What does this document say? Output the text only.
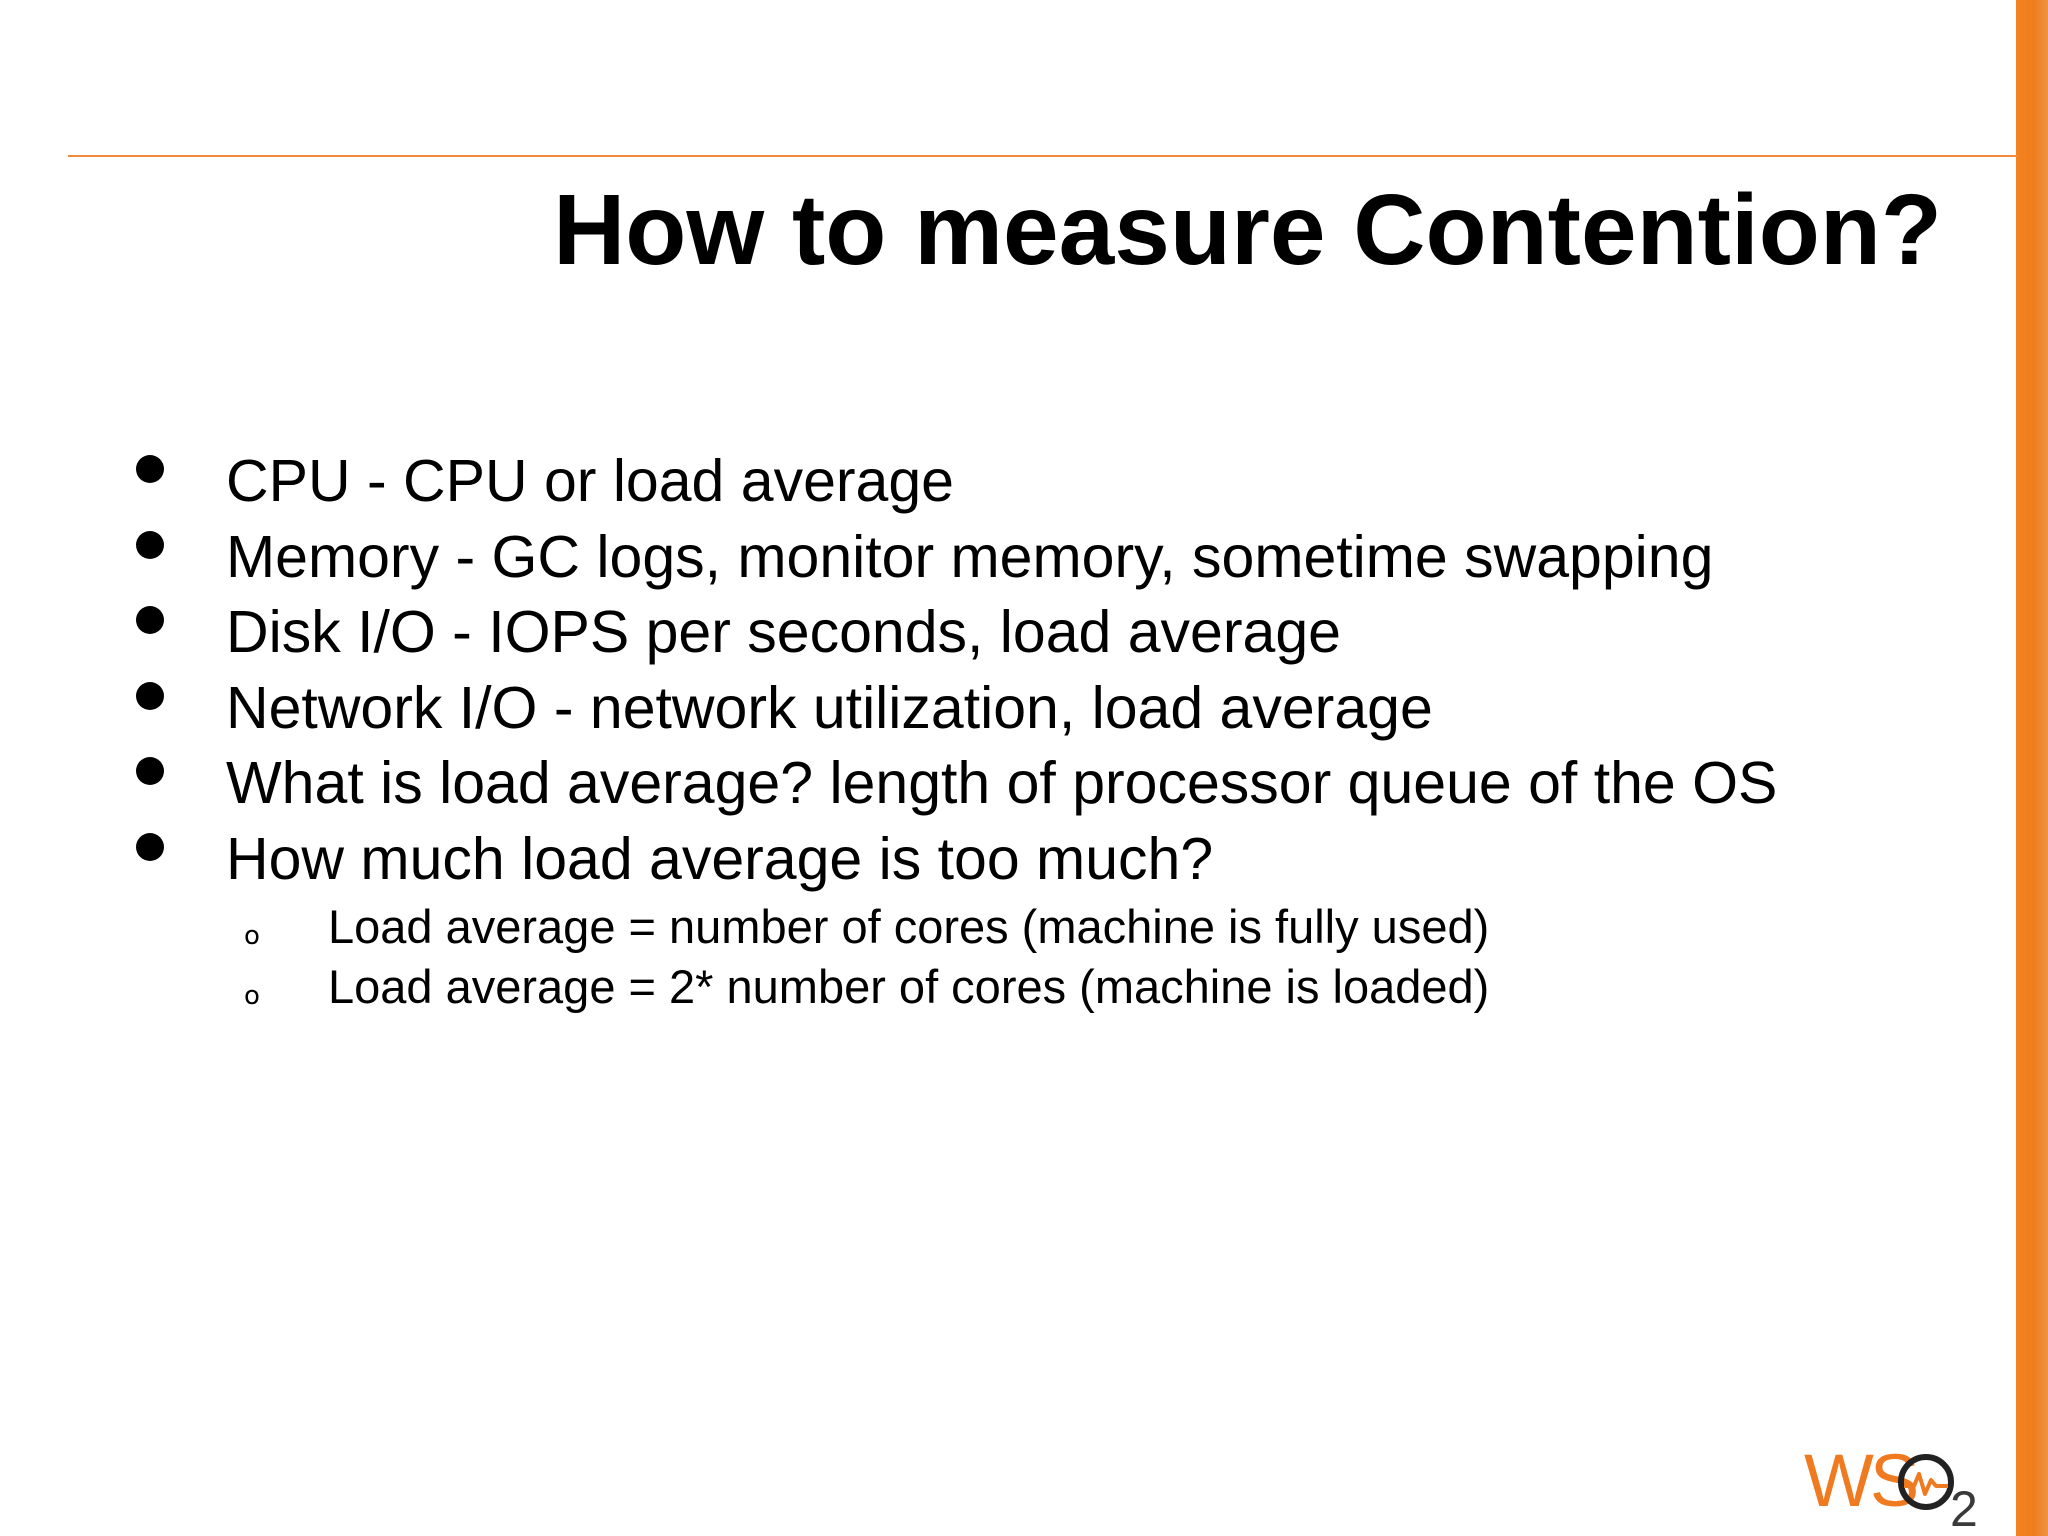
How to measure Contention?
CPU - CPU or load average
Memory - GC logs, monitor memory, sometime swapping
Disk I/O - IOPS per seconds, load average
Network I/O - network utilization, load average
What is load average? length of processor queue of the OS
How much load average is too much?
o Load average = number of cores (machine is fully used)
o Load average = 2* number of cores (machine is loaded)
WS 2
